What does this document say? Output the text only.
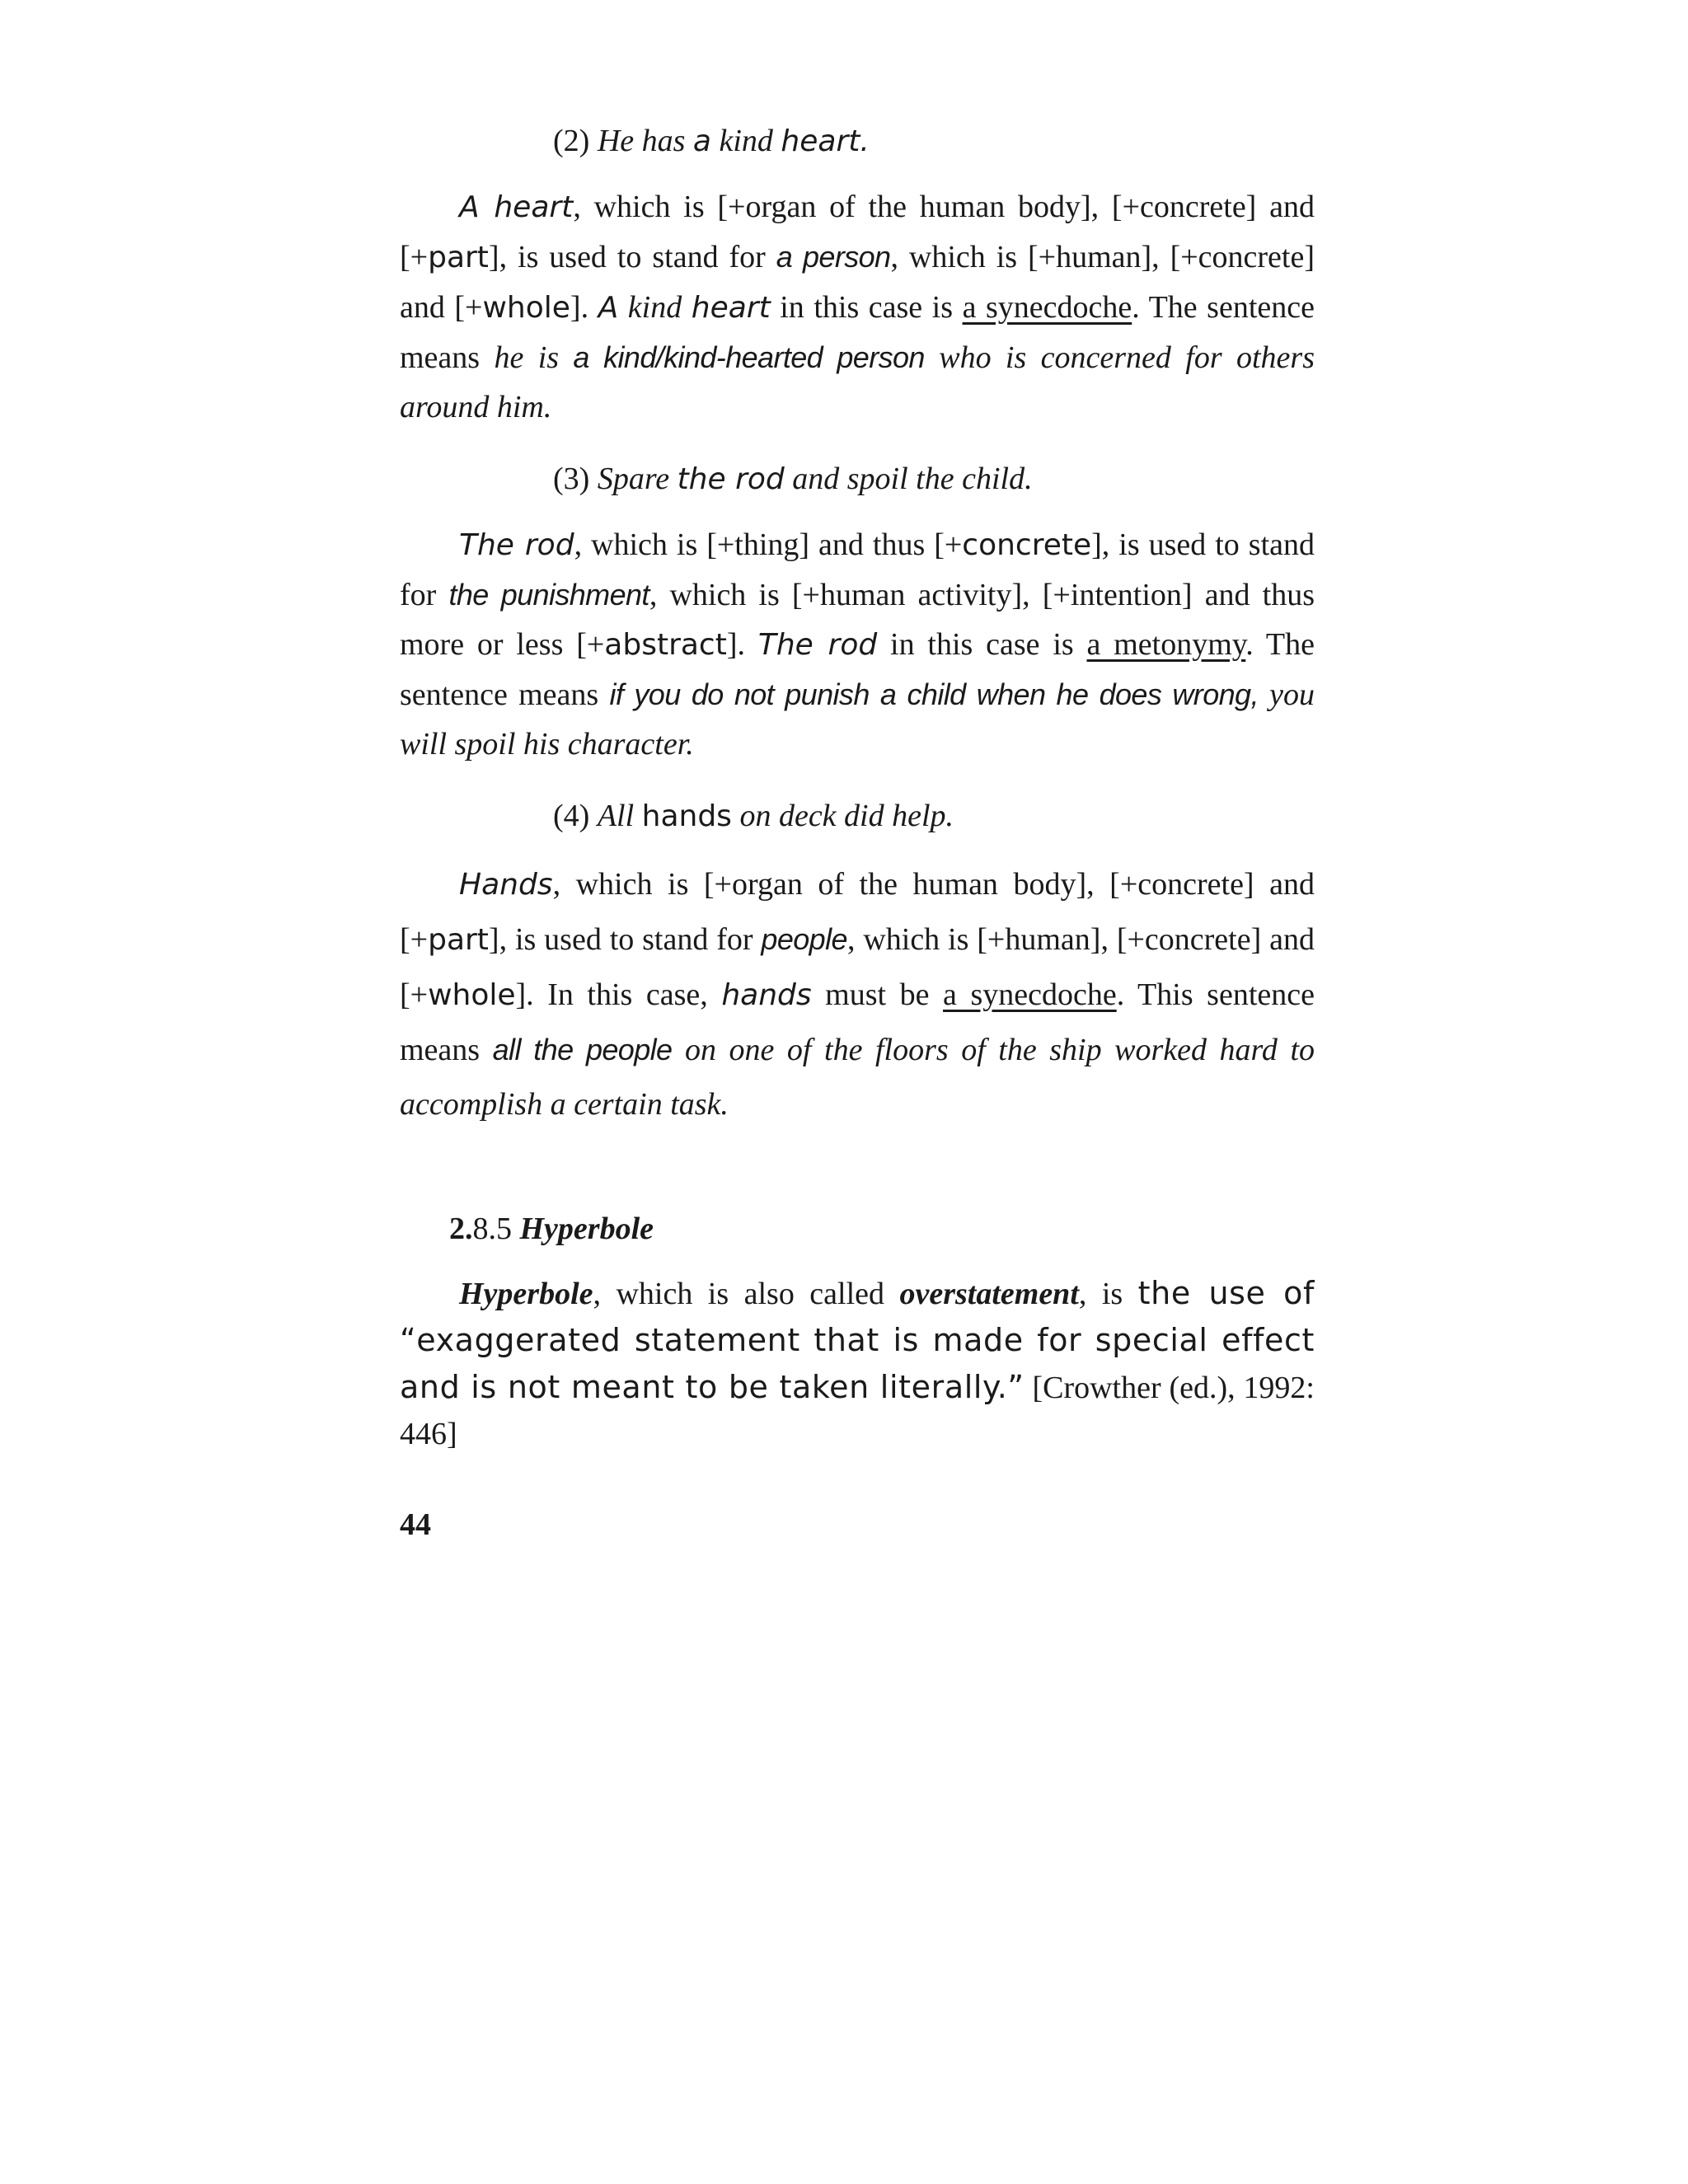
(2) He has a kind heart.

A heart, which is [+organ of the human body], [+concrete] and [+part], is used to stand for a person, which is [+human], [+concrete] and [+whole]. A kind heart in this case is a synecdoche. The sentence means he is a kind/kind-hearted person who is concerned for others around him.

(3) Spare the rod and spoil the child.

The rod, which is [+thing] and thus [+concrete], is used to stand for the punishment, which is [+human activity], [+intention] and thus more or less [+abstract]. The rod in this case is a metonymy. The sentence means if you do not punish a child when he does wrong, you will spoil his character.

(4) All hands on deck did help.

Hands, which is [+organ of the human body], [+concrete] and [+part], is used to stand for people, which is [+human], [+concrete] and [+whole]. In this case, hands must be a synecdoche. This sentence means all the people on one of the floors of the ship worked hard to accomplish a certain task.

2.8.5 Hyperbole

Hyperbole, which is also called overstatement, is the use of “exaggerated statement that is made for special effect and is not meant to be taken literally.” [Crowther (ed.), 1992: 446]

44
